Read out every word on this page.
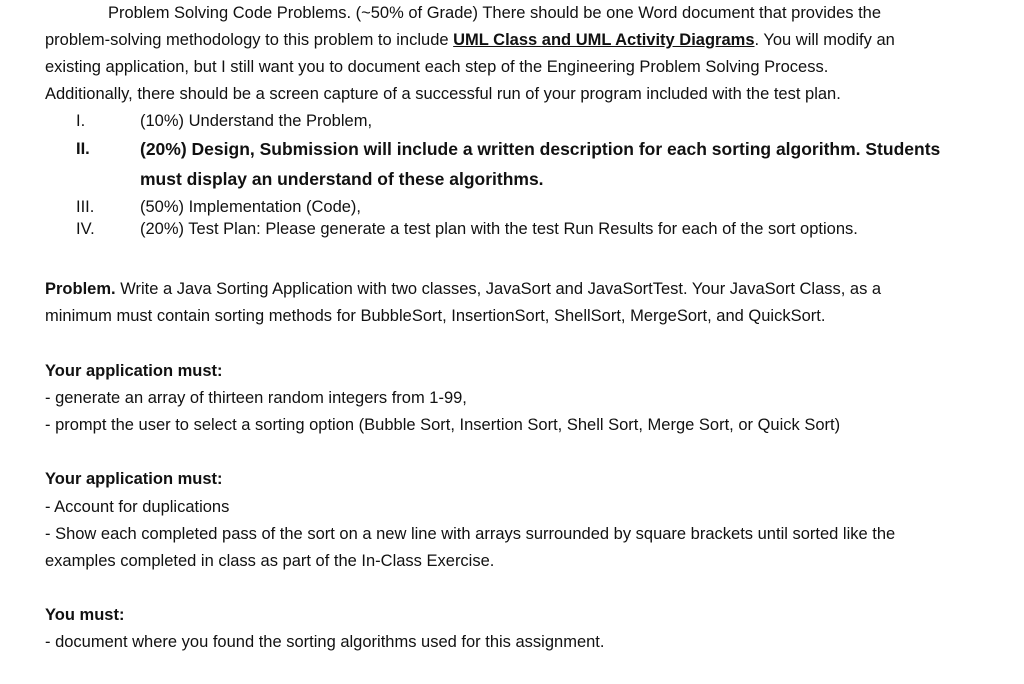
Problem Solving Code Problems. (~50% of Grade) There should be one Word document that provides the
problem-solving methodology to this problem to include UML Class and UML Activity Diagrams. You will modify an
existing application, but I still want you to document each step of the Engineering Problem Solving Process.
Additionally, there should be a screen capture of a successful run of your program included with the test plan.
I.	(10%) Understand the Problem,
II.	(20%) Design, Submission will include a written description for each sorting algorithm. Students
must display an understand of these algorithms.
III.	(50%) Implementation (Code),
IV.	(20%) Test Plan: Please generate a test plan with the test Run Results for each of the sort options.
Problem. Write a Java Sorting Application with two classes, JavaSort and JavaSortTest. Your JavaSort Class, as a
minimum must contain sorting methods for BubbleSort, InsertionSort, ShellSort, MergeSort, and QuickSort.
Your application must:
- generate an array of thirteen random integers from 1-99,
- prompt the user to select a sorting option (Bubble Sort, Insertion Sort, Shell Sort, Merge Sort, or Quick Sort)
Your application must:
- Account for duplications
- Show each completed pass of the sort on a new line with arrays surrounded by square brackets until sorted like the
examples completed in class as part of the In-Class Exercise.
You must:
- document where you found the sorting algorithms used for this assignment.
